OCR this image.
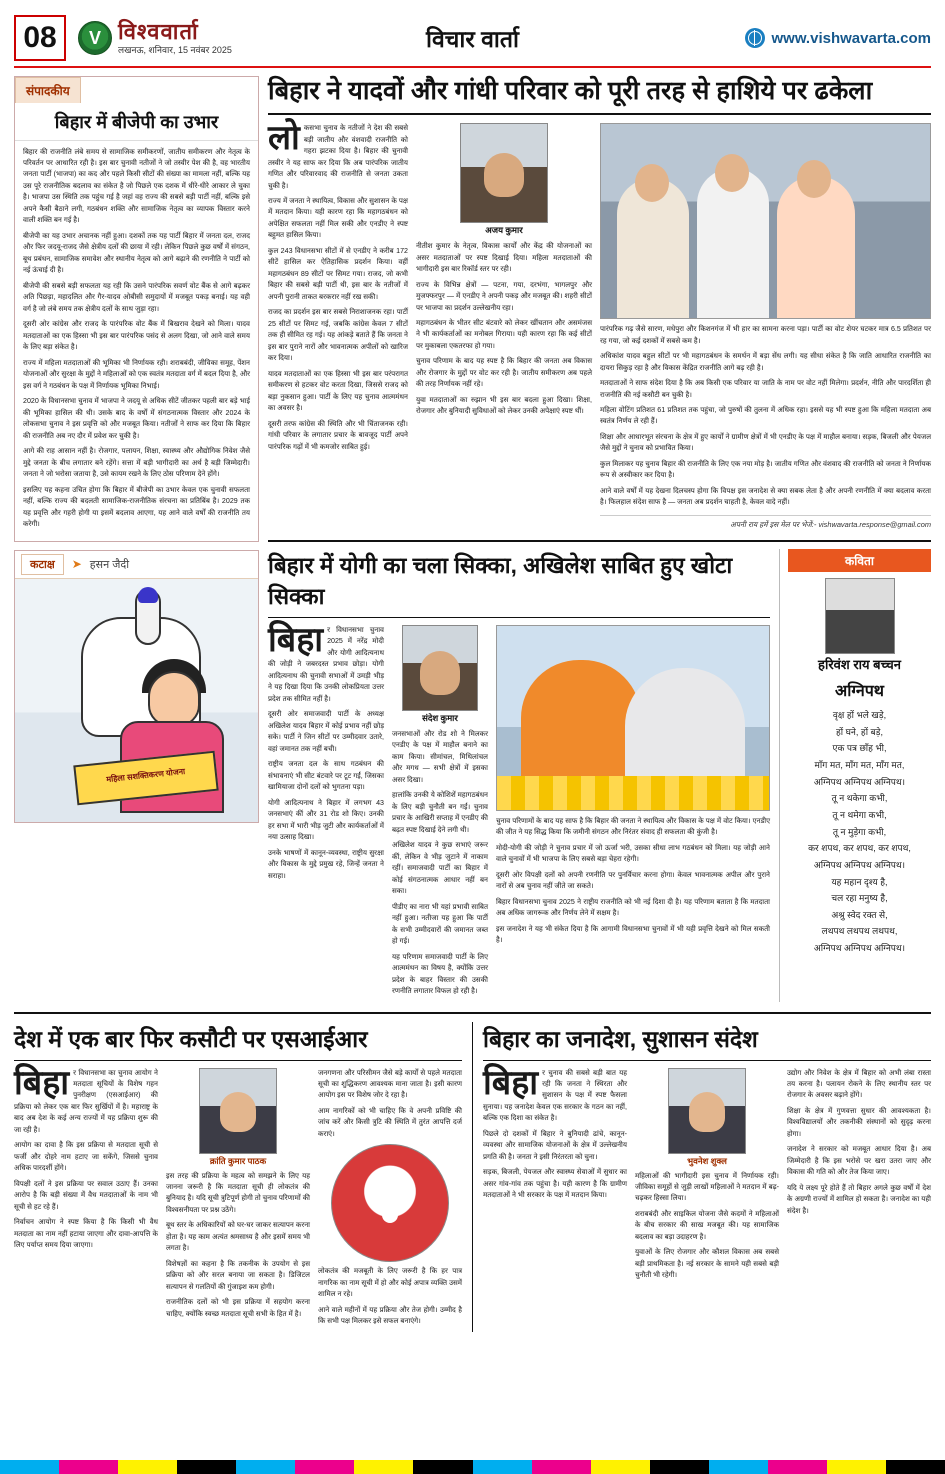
08 V	विश्ववार्ता
लखनऊ, शनिवार, 15 नवंबर 2025	विचार वार्ता	www.vishwavarta.com
संपादकीय
बिहार में बीजेपी का उभार

बिहार की राजनीति लंबे समय से सामाजिक समीकरणों, जातीय समीकरण और नेतृत्व के परिवर्तन पर आधारित रही है। इस बार चुनावी नतीजों ने जो तस्वीर पेश की है, वह भारतीय जनता पार्टी (भाजपा) का कद और पहले किसी सीटों की संख्या का मामला नहीं, बल्कि यह उस पूरे राजनीतिक बदलाव का संकेत है जो पिछले एक दशक में धीरे-धीरे आकार ले चुका है। भाजपा उस स्थिति तक पहुंच गई है जहां वह राज्य की सबसे बड़ी पार्टी नहीं, बल्कि इसे अपने कैसी बैठाने लगी, गठबंधन शक्ति और सामाजिक नेतृत्व का व्यापक विस्तार करने वाली शक्ति बन गई है।

बीजेपी का यह उभार अचानक नहीं हुआ। दशकों तक यह पार्टी बिहार में जनता दल, राजद और फिर जदयू-राजद जैसे क्षेत्रीय दलों की छाया में रही। लेकिन पिछले कुछ वर्षों में संगठन, बूथ प्रबंधन, सामाजिक समावेश और स्थानीय नेतृत्व को आगे बढ़ाने की रणनीति ने पार्टी को नई ऊंचाई दी है।

बीजेपी की सबसे बड़ी सफलता यह रही कि उसने पारंपरिक सवर्ण वोट बैंक से आगे बढ़कर अति पिछड़ा, महादलित और गैर-यादव ओबीसी समुदायों में मजबूत पकड़ बनाई। यह वही वर्ग है जो लंबे समय तक क्षेत्रीय दलों के साथ जुड़ा रहा।

दूसरी ओर कांग्रेस और राजद के पारंपरिक वोट बैंक में बिखराव देखने को मिला। यादव मतदाताओं का एक हिस्सा भी इस बार पारंपरिक पसंद से अलग दिखा, जो आने वाले समय के लिए बड़ा संकेत है।

राज्य में महिला मतदाताओं की भूमिका भी निर्णायक रही। शराबबंदी, जीविका समूह, पेंशन योजनाओं और सुरक्षा के मुद्दों ने महिलाओं को एक स्वतंत्र मतदाता वर्ग में बदल दिया है, और इस वर्ग ने गठबंधन के पक्ष में निर्णायक भूमिका निभाई।

2020 के विधानसभा चुनाव में भाजपा ने जदयू से अधिक सीटें जीतकर पहली बार बड़े भाई की भूमिका हासिल की थी। उसके बाद के वर्षों में संगठनात्मक विस्तार और 2024 के लोकसभा चुनाव ने इस प्रवृत्ति को और मजबूत किया। नतीजों ने साफ कर दिया कि बिहार की राजनीति अब नए दौर में प्रवेश कर चुकी है।

आगे की राह आसान नहीं है। रोजगार, पलायन, शिक्षा, स्वास्थ्य और औद्योगिक निवेश जैसे मुद्दे जनता के बीच लगातार बने रहेंगे। सत्ता में बड़ी भागीदारी का अर्थ है बड़ी जिम्मेदारी। जनता ने जो भरोसा जताया है, उसे कायम रखने के लिए ठोस परिणाम देने होंगे।

इसलिए यह कहना उचित होगा कि बिहार में बीजेपी का उभार केवल एक चुनावी सफलता नहीं, बल्कि राज्य की बदलती सामाजिक-राजनीतिक संरचना का प्रतिबिंब है। 2029 तक यह प्रवृत्ति और गहरी होगी या इसमें बदलाव आएगा, यह आने वाले वर्षों की राजनीति तय करेगी।

कटाक्ष	➤ हसन जैदी
महिला सशक्तिकरण योजना
बिहार ने यादवों और गांधी परिवार को पूरी तरह से हाशिये पर ढकेला
लो कसभा चुनाव के नतीजों ने देश की सबसे बड़ी जातीय और वंशवादी राजनीति को गहरा झटका दिया है। बिहार की चुनावी तस्वीर ने यह साफ कर दिया कि अब पारंपरिक जातीय गणित और परिवारवाद की राजनीति से जनता उकता चुकी है।

राज्य में जनता ने स्थायित्व, विकास और सुशासन के पक्ष में मतदान किया। यही कारण रहा कि महागठबंधन को अपेक्षित सफलता नहीं मिल सकी और एनडीए ने स्पष्ट बहुमत हासिल किया।

कुल 243 विधानसभा सीटों में से एनडीए ने करीब 172 सीटें हासिल कर ऐतिहासिक प्रदर्शन किया। वहीं महागठबंधन 89 सीटों पर सिमट गया। राजद, जो कभी बिहार की सबसे बड़ी पार्टी थी, इस बार के नतीजों में अपनी पुरानी ताकत बरकरार नहीं रख सकी।

राजद का प्रदर्शन इस बार सबसे निराशाजनक रहा। पार्टी 25 सीटों पर सिमट गई, जबकि कांग्रेस केवल 7 सीटों तक ही सीमित रह गई। यह आंकड़े बताते हैं कि जनता ने इस बार पुराने नारों और भावनात्मक अपीलों को खारिज कर दिया।

यादव मतदाताओं का एक हिस्सा भी इस बार परंपरागत समीकरण से हटकर वोट करता दिखा, जिससे राजद को बड़ा नुकसान हुआ। पार्टी के लिए यह चुनाव आत्ममंथन का अवसर है।

दूसरी तरफ कांग्रेस की स्थिति और भी चिंताजनक रही। गांधी परिवार के लगातार प्रचार के बावजूद पार्टी अपने पारंपरिक गढ़ों में भी कमजोर साबित हुई।

अजय कुमार

नीतीश कुमार के नेतृत्व, विकास कार्यों और केंद्र की योजनाओं का असर मतदाताओं पर स्पष्ट दिखाई दिया। महिला मतदाताओं की भागीदारी इस बार रिकॉर्ड स्तर पर रही।

राज्य के विभिन्न क्षेत्रों — पटना, गया, दरभंगा, भागलपुर और मुजफ्फरपुर — में एनडीए ने अपनी पकड़ और मजबूत की। शहरी सीटों पर भाजपा का प्रदर्शन उल्लेखनीय रहा।

महागठबंधन के भीतर सीट बंटवारे को लेकर खींचतान और असमंजस ने भी कार्यकर्ताओं का मनोबल गिराया। यही कारण रहा कि कई सीटों पर मुकाबला एकतरफा हो गया।

चुनाव परिणाम के बाद यह स्पष्ट है कि बिहार की जनता अब विकास और रोजगार के मुद्दों पर वोट कर रही है। जातीय समीकरण अब पहले की तरह निर्णायक नहीं रहे।

युवा मतदाताओं का रुझान भी इस बार बदला हुआ दिखा। शिक्षा, रोजगार और बुनियादी सुविधाओं को लेकर उनकी अपेक्षाएं स्पष्ट थीं।

पारंपरिक गढ़ जैसे सारण, मधेपुरा और किशनगंज में भी हार का सामना करना पड़ा। पार्टी का वोट शेयर घटकर मात्र 6.5 प्रतिशत पर रह गया, जो कई दशकों में सबसे कम है।

अधिकांश यादव बहुल सीटों पर भी महागठबंधन के समर्थन में बड़ा सेंध लगी। यह सीधा संकेत है कि जाति आधारित राजनीति का दायरा सिकुड़ रहा है और विकास केंद्रित राजनीति आगे बढ़ रही है।

मतदाताओं ने साफ संदेश दिया है कि अब किसी एक परिवार या जाति के नाम पर वोट नहीं मिलेगा। प्रदर्शन, नीति और पारदर्शिता ही राजनीति की नई कसौटी बन चुकी है।

महिला वोटिंग प्रतिशत 61 प्रतिशत तक पहुंचा, जो पुरुषों की तुलना में अधिक रहा। इससे यह भी स्पष्ट हुआ कि महिला मतदाता अब स्वतंत्र निर्णय ले रही हैं।

शिक्षा और आधारभूत संरचना के क्षेत्र में हुए कार्यों ने ग्रामीण क्षेत्रों में भी एनडीए के पक्ष में माहौल बनाया। सड़क, बिजली और पेयजल जैसे मुद्दों ने चुनाव को प्रभावित किया।

कुल मिलाकर यह चुनाव बिहार की राजनीति के लिए एक नया मोड़ है। जातीय गणित और वंशवाद की राजनीति को जनता ने निर्णायक रूप से अस्वीकार कर दिया है।

आने वाले वर्षों में यह देखना दिलचस्प होगा कि विपक्ष इस जनादेश से क्या सबक लेता है और अपनी रणनीति में क्या बदलाव करता है। फिलहाल संदेश साफ है — जनता अब प्रदर्शन चाहती है, केवल वादे नहीं।

अपनी राय हमें इस मेल पर भेजें:- vishwavarta.response@gmail.com
बिहार में योगी का चला सिक्का, अखिलेश साबित हुए खोटा सिक्का
बिहा र विधानसभा चुनाव 2025 में नरेंद्र मोदी और योगी आदित्यनाथ की जोड़ी ने जबरदस्त प्रभाव छोड़ा। योगी आदित्यनाथ की चुनावी सभाओं में उमड़ी भीड़ ने यह दिखा दिया कि उनकी लोकप्रियता उत्तर प्रदेश तक सीमित नहीं है।

दूसरी ओर समाजवादी पार्टी के अध्यक्ष अखिलेश यादव बिहार में कोई प्रभाव नहीं छोड़ सके। पार्टी ने जिन सीटों पर उम्मीदवार उतारे, वहां जमानत तक नहीं बची।

राष्ट्रीय जनता दल के साथ गठबंधन की संभावनाएं भी सीट बंटवारे पर टूट गईं, जिसका खामियाजा दोनों दलों को भुगतना पड़ा।

योगी आदित्यनाथ ने बिहार में लगभग 43 जनसभाएं कीं और 31 रोड शो किए। उनकी हर सभा में भारी भीड़ जुटी और कार्यकर्ताओं में नया उत्साह दिखा।

उनके भाषणों में कानून-व्यवस्था, राष्ट्रीय सुरक्षा और विकास के मुद्दे प्रमुख रहे, जिन्हें जनता ने सराहा।

संदेश कुमार

जनसभाओं और रोड शो ने मिलकर एनडीए के पक्ष में माहौल बनाने का काम किया। सीमांचल, मिथिलांचल और मगध — सभी क्षेत्रों में इसका असर दिखा।

हालांकि उनकी ये कोशिशें महागठबंधन के लिए बड़ी चुनौती बन गईं। चुनाव प्रचार के आखिरी सप्ताह में एनडीए की बढ़त स्पष्ट दिखाई देने लगी थी।

अखिलेश यादव ने कुछ सभाएं जरूर कीं, लेकिन वे भीड़ जुटाने में नाकाम रहीं। समाजवादी पार्टी का बिहार में कोई संगठनात्मक आधार नहीं बन सका।

पीडीए का नारा भी यहां प्रभावी साबित नहीं हुआ। नतीजा यह हुआ कि पार्टी के सभी उम्मीदवारों की जमानत जब्त हो गई।

यह परिणाम समाजवादी पार्टी के लिए आत्ममंथन का विषय है, क्योंकि उत्तर प्रदेश के बाहर विस्तार की उसकी रणनीति लगातार विफल हो रही है।

चुनाव परिणामों के बाद यह साफ है कि बिहार की जनता ने स्थायित्व और विकास के पक्ष में वोट किया। एनडीए की जीत ने यह सिद्ध किया कि जमीनी संगठन और निरंतर संवाद ही सफलता की कुंजी है।

मोदी-योगी की जोड़ी ने चुनाव प्रचार में जो ऊर्जा भरी, उसका सीधा लाभ गठबंधन को मिला। यह जोड़ी आने वाले चुनावों में भी भाजपा के लिए सबसे बड़ा चेहरा रहेगी।

दूसरी ओर विपक्षी दलों को अपनी रणनीति पर पुनर्विचार करना होगा। केवल भावनात्मक अपील और पुराने नारों से अब चुनाव नहीं जीते जा सकते।

बिहार विधानसभा चुनाव 2025 ने राष्ट्रीय राजनीति को भी नई दिशा दी है। यह परिणाम बताता है कि मतदाता अब अधिक जागरूक और निर्णय लेने में सक्षम है।

इस जनादेश ने यह भी संकेत दिया है कि आगामी विधानसभा चुनावों में भी यही प्रवृत्ति देखने को मिल सकती है।

कविता
हरिवंश राय बच्चन
अग्निपथ
वृक्ष हों भले खड़े,
हों घने, हों बड़े,
एक पत्र छाँह भी,
माँग मत, माँग मत, माँग मत,
अग्निपथ अग्निपथ अग्निपथ।
तू न थकेगा कभी,
तू न थमेगा कभी,
तू न मुड़ेगा कभी,
कर शपथ, कर शपथ, कर शपथ,
अग्निपथ अग्निपथ अग्निपथ।
यह महान दृश्य है,
चल रहा मनुष्य है,
अश्रु स्वेद रक्त से,
लथपथ लथपथ लथपथ,
अग्निपथ अग्निपथ अग्निपथ।
देश में एक बार फिर कसौटी पर एसआईआर
बिहा र विधानसभा का चुनाव आयोग ने मतदाता सूचियों के विशेष गहन पुनरीक्षण (एसआईआर) की प्रक्रिया को लेकर एक बार फिर सुर्खियों में है। महाराष्ट्र के बाद अब देश के कई अन्य राज्यों में यह प्रक्रिया शुरू की जा रही है।

आयोग का दावा है कि इस प्रक्रिया से मतदाता सूची से फर्जी और दोहरे नाम हटाए जा सकेंगे, जिससे चुनाव अधिक पारदर्शी होंगे।

विपक्षी दलों ने इस प्रक्रिया पर सवाल उठाए हैं। उनका आरोप है कि बड़ी संख्या में वैध मतदाताओं के नाम भी सूची से हट रहे हैं।

निर्वाचन आयोग ने स्पष्ट किया है कि किसी भी वैध मतदाता का नाम नहीं हटाया जाएगा और दावा-आपत्ति के लिए पर्याप्त समय दिया जाएगा।

क्रांति कुमार पाठक

इस तरह की प्रक्रिया के महत्व को समझने के लिए यह जानना जरूरी है कि मतदाता सूची ही लोकतंत्र की बुनियाद है। यदि सूची त्रुटिपूर्ण होगी तो चुनाव परिणामों की विश्वसनीयता पर प्रश्न उठेंगे।

बूथ स्तर के अधिकारियों को घर-घर जाकर सत्यापन करना होता है। यह काम अत्यंत श्रमसाध्य है और इसमें समय भी लगता है।

विशेषज्ञों का कहना है कि तकनीक के उपयोग से इस प्रक्रिया को और सरल बनाया जा सकता है। डिजिटल सत्यापन से गलतियों की गुंजाइश कम होगी।

राजनीतिक दलों को भी इस प्रक्रिया में सहयोग करना चाहिए, क्योंकि स्वच्छ मतदाता सूची सभी के हित में है।

जनगणना और परिसीमन जैसे बड़े कार्यों से पहले मतदाता सूची का शुद्धिकरण आवश्यक माना जाता है। इसी कारण आयोग इस पर विशेष जोर दे रहा है।

आम नागरिकों को भी चाहिए कि वे अपनी प्रविष्टि की जांच करें और किसी त्रुटि की स्थिति में तुरंत आपत्ति दर्ज कराएं।

लोकतंत्र की मजबूती के लिए जरूरी है कि हर पात्र नागरिक का नाम सूची में हो और कोई अपात्र व्यक्ति उसमें शामिल न रहे।

आने वाले महीनों में यह प्रक्रिया और तेज होगी। उम्मीद है कि सभी पक्ष मिलकर इसे सफल बनाएंगे।

बिहार का जनादेश, सुशासन संदेश
बिहा र चुनाव की सबसे बड़ी बात यह रही कि जनता ने स्थिरता और सुशासन के पक्ष में स्पष्ट फैसला सुनाया। यह जनादेश केवल एक सरकार के गठन का नहीं, बल्कि एक दिशा का संकेत है।

पिछले दो दशकों में बिहार ने बुनियादी ढांचे, कानून-व्यवस्था और सामाजिक योजनाओं के क्षेत्र में उल्लेखनीय प्रगति की है। जनता ने इसी निरंतरता को चुना।

सड़क, बिजली, पेयजल और स्वास्थ्य सेवाओं में सुधार का असर गांव-गांव तक पहुंचा है। यही कारण है कि ग्रामीण मतदाताओं ने भी सरकार के पक्ष में मतदान किया।

भुवनेश शुक्ल

महिलाओं की भागीदारी इस चुनाव में निर्णायक रही। जीविका समूहों से जुड़ी लाखों महिलाओं ने मतदान में बढ़-चढ़कर हिस्सा लिया।

शराबबंदी और साइकिल योजना जैसे कदमों ने महिलाओं के बीच सरकार की साख मजबूत की। यह सामाजिक बदलाव का बड़ा उदाहरण है।

युवाओं के लिए रोजगार और कौशल विकास अब सबसे बड़ी प्राथमिकता है। नई सरकार के सामने यही सबसे बड़ी चुनौती भी रहेगी।

उद्योग और निवेश के क्षेत्र में बिहार को अभी लंबा रास्ता तय करना है। पलायन रोकने के लिए स्थानीय स्तर पर रोजगार के अवसर बढ़ाने होंगे।

शिक्षा के क्षेत्र में गुणवत्ता सुधार की आवश्यकता है। विश्वविद्यालयों और तकनीकी संस्थानों को सुदृढ़ करना होगा।

जनादेश ने सरकार को मजबूत आधार दिया है। अब जिम्मेदारी है कि इस भरोसे पर खरा उतरा जाए और विकास की गति को और तेज किया जाए।

यदि ये लक्ष्य पूरे होते हैं तो बिहार अगले कुछ वर्षों में देश के अग्रणी राज्यों में शामिल हो सकता है। जनादेश का यही संदेश है।
